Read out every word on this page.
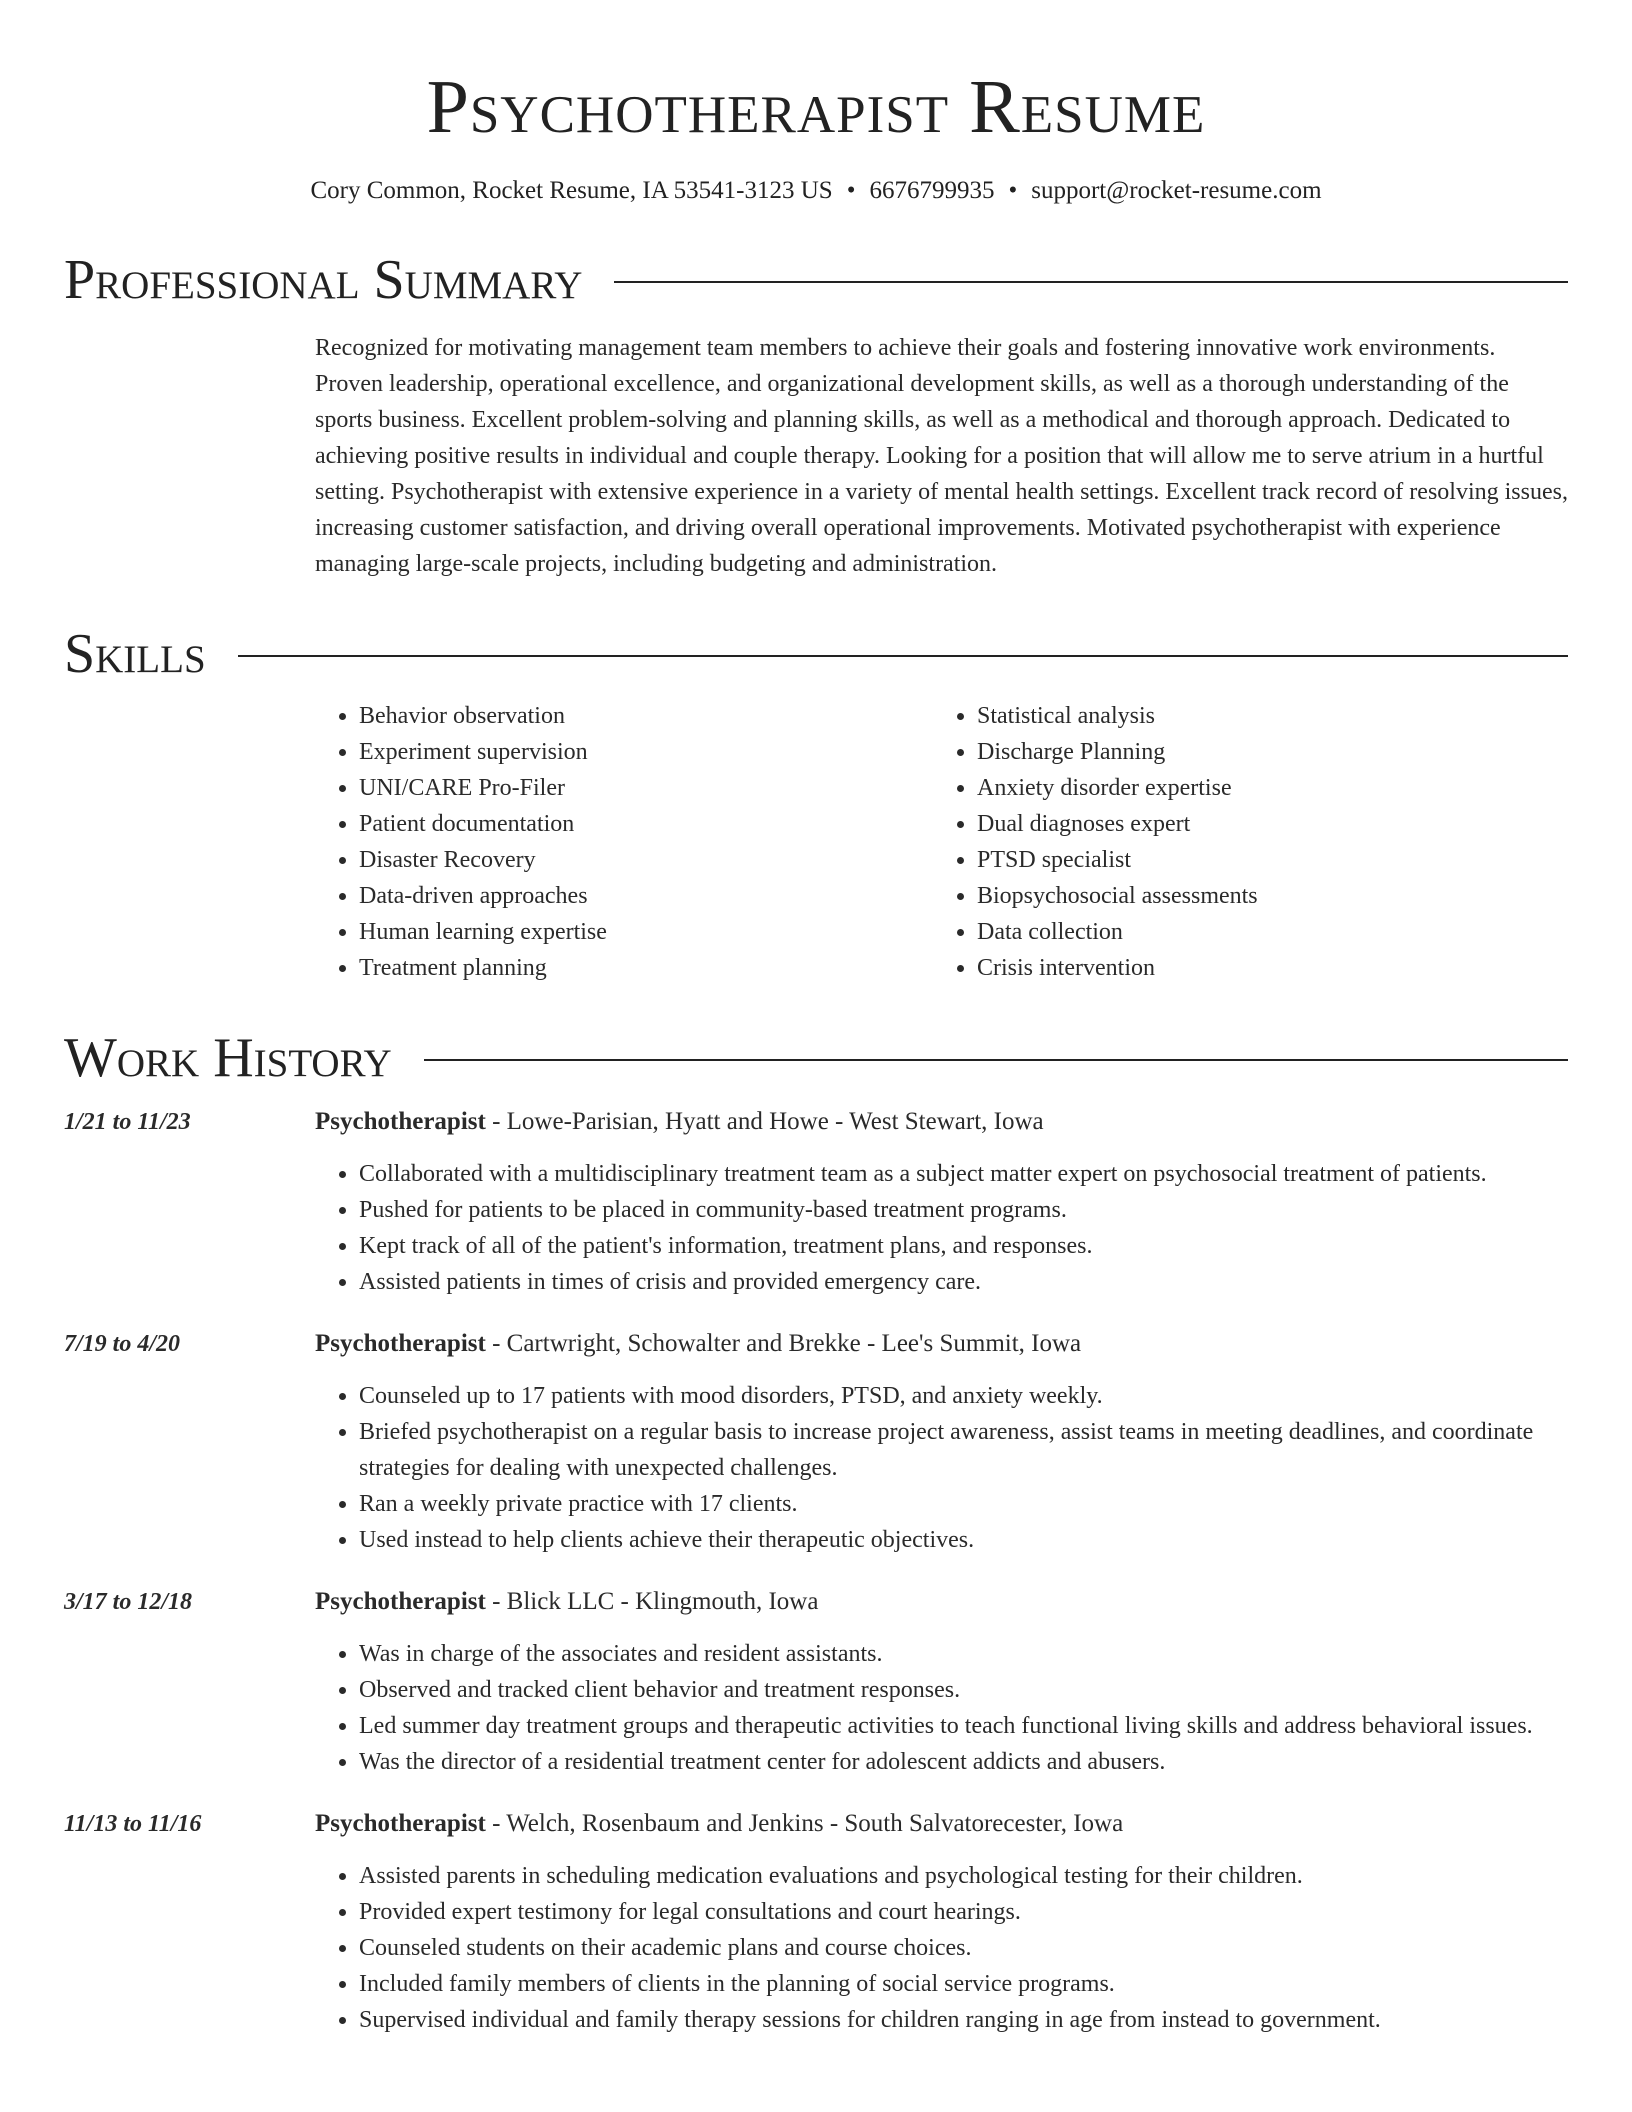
Psychotherapist Resume
Cory Common, Rocket Resume, IA 53541-3123 US • 6676799935 • support@rocket-resume.com
Professional Summary

Recognized for motivating management team members to achieve their goals and fostering innovative work environments. Proven leadership, operational excellence, and organizational development skills, as well as a thorough understanding of the sports business. Excellent problem-solving and planning skills, as well as a methodical and thorough approach. Dedicated to achieving positive results in individual and couple therapy. Looking for a position that will allow me to serve atrium in a hurtful setting. Psychotherapist with extensive experience in a variety of mental health settings. Excellent track record of resolving issues, increasing customer satisfaction, and driving overall operational improvements. Motivated psychotherapist with experience managing large-scale projects, including budgeting and administration.

Skills
• Behavior observation
• Experiment supervision
• UNI/CARE Pro-Filer
• Patient documentation
• Disaster Recovery
• Data-driven approaches
• Human learning expertise
• Treatment planning
• Statistical analysis
• Discharge Planning
• Anxiety disorder expertise
• Dual diagnoses expert
• PTSD specialist
• Biopsychosocial assessments
• Data collection
• Crisis intervention
Work History
1/21 to 11/23	Psychotherapist - Lowe-Parisian, Hyatt and Howe - West Stewart, Iowa
• Collaborated with a multidisciplinary treatment team as a subject matter expert on psychosocial treatment of patients.
• Pushed for patients to be placed in community-based treatment programs.
• Kept track of all of the patient's information, treatment plans, and responses.
• Assisted patients in times of crisis and provided emergency care.
7/19 to 4/20	Psychotherapist - Cartwright, Schowalter and Brekke - Lee's Summit, Iowa
• Counseled up to 17 patients with mood disorders, PTSD, and anxiety weekly.
• Briefed psychotherapist on a regular basis to increase project awareness, assist teams in meeting deadlines, and coordinate strategies for dealing with unexpected challenges.
• Ran a weekly private practice with 17 clients.
• Used instead to help clients achieve their therapeutic objectives.
3/17 to 12/18	Psychotherapist - Blick LLC - Klingmouth, Iowa
• Was in charge of the associates and resident assistants.
• Observed and tracked client behavior and treatment responses.
• Led summer day treatment groups and therapeutic activities to teach functional living skills and address behavioral issues.
• Was the director of a residential treatment center for adolescent addicts and abusers.
11/13 to 11/16	Psychotherapist - Welch, Rosenbaum and Jenkins - South Salvatorecester, Iowa
• Assisted parents in scheduling medication evaluations and psychological testing for their children.
• Provided expert testimony for legal consultations and court hearings.
• Counseled students on their academic plans and course choices.
• Included family members of clients in the planning of social service programs.
• Supervised individual and family therapy sessions for children ranging in age from instead to government.
